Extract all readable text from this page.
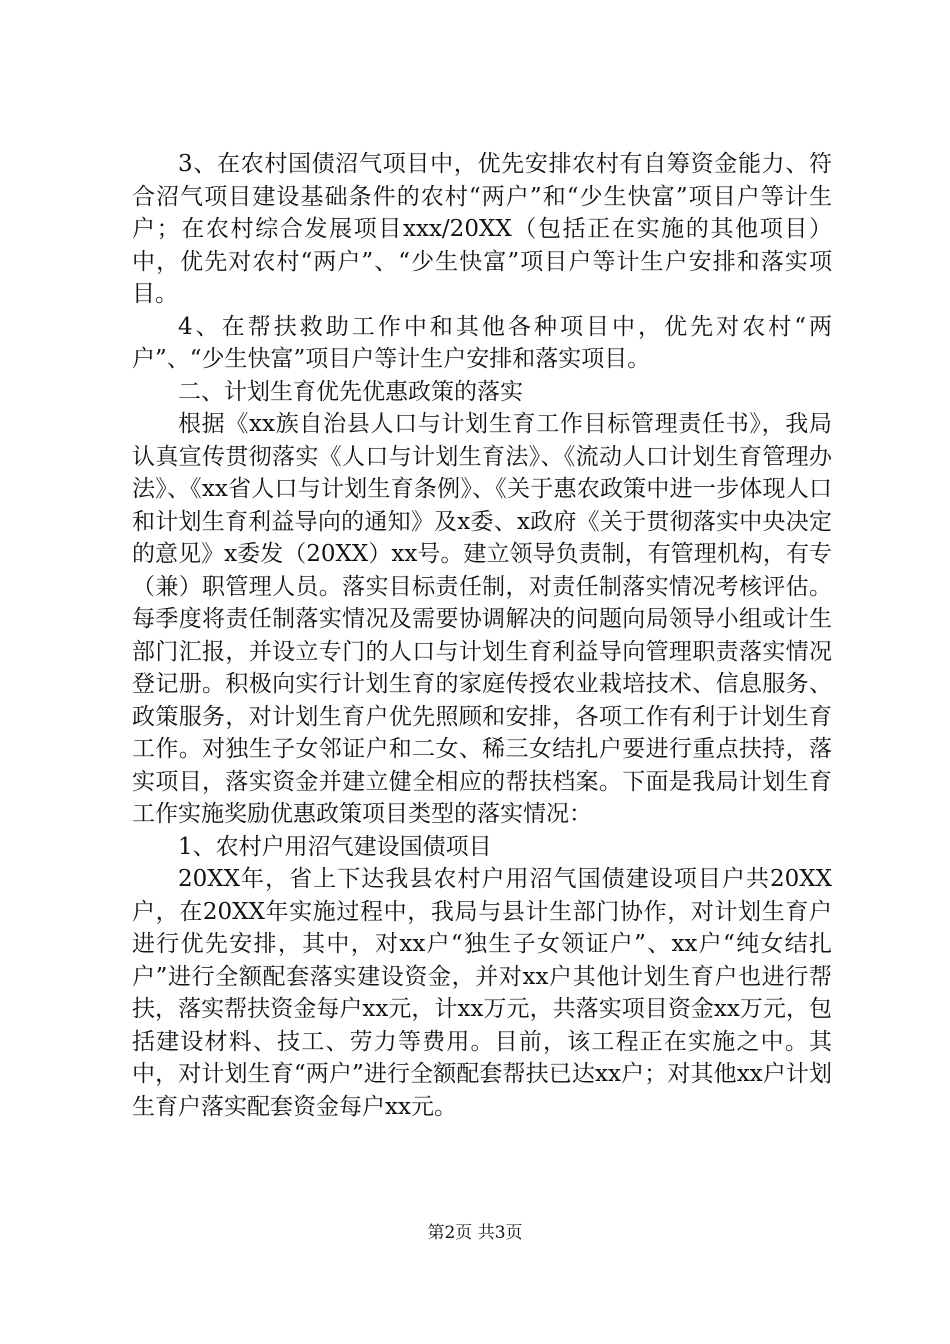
3、在农村国债沼气项目中，优先安排农村有自筹资金能力、符合沼气项目建设基础条件的农村“两户”和“少生快富”项目户等计生户；在农村综合发展项目xxx/20XX（包括正在实施的其他项目）中，优先对农村“两户”、“少生快富”项目户等计生户安排和落实项目。

4、在帮扶救助工作中和其他各种项目中，优先对农村“两户”、“少生快富”项目户等计生户安排和落实项目。

二、计划生育优先优惠政策的落实

根据《xx族自治县人口与计划生育工作目标管理责任书》，我局认真宣传贯彻落实《人口与计划生育法》、《流动人口计划生育管理办法》、《xx省人口与计划生育条例》、《关于惠农政策中进一步体现人口和计划生育利益导向的通知》及x委、x政府《关于贯彻落实中央决定的意见》x委发（20XX）xx号。建立领导负责制，有管理机构，有专（兼）职管理人员。落实目标责任制，对责任制落实情况考核评估。每季度将责任制落实情况及需要协调解决的问题向局领导小组或计生部门汇报，并设立专门的人口与计划生育利益导向管理职责落实情况登记册。积极向实行计划生育的家庭传授农业栽培技术、信息服务、政策服务，对计划生育户优先照顾和安排，各项工作有利于计划生育工作。对独生子女邻证户和二女、稀三女结扎户要进行重点扶持，落实项目，落实资金并建立健全相应的帮扶档案。下面是我局计划生育工作实施奖励优惠政策项目类型的落实情况：

1、农村户用沼气建设国债项目

20XX年，省上下达我县农村户用沼气国债建设项目户共20XX户，在20XX年实施过程中，我局与县计生部门协作，对计划生育户进行优先安排，其中，对xx户“独生子女领证户”、xx户“纯女结扎户”进行全额配套落实建设资金，并对xx户其他计划生育户也进行帮扶，落实帮扶资金每户xx元，计xx万元，共落实项目资金xx万元，包括建设材料、技工、劳力等费用。目前，该工程正在实施之中。其中，对计划生育“两户”进行全额配套帮扶已达xx户；对其他xx户计划生育户落实配套资金每户xx元。

第2页 共3页
